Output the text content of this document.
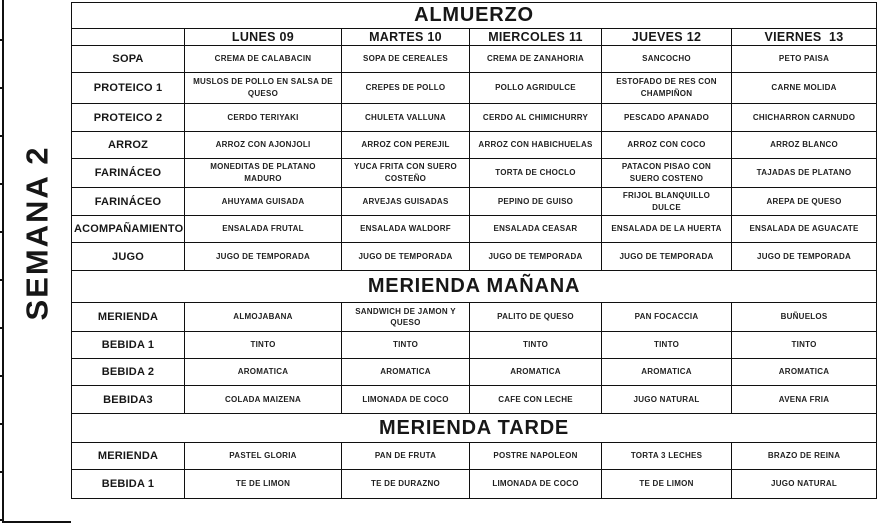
SEMANA 2
ALMUERZO					
	LUNES 09	MARTES 10	MIERCOLES 11	JUEVES 12	VIERNES  13
SOPA	CREMA DE CALABACIN	SOPA DE CEREALES	CREMA DE ZANAHORIA	SANCOCHO	PETO PAISA
PROTEICO 1	MUSLOS DE POLLO EN SALSA DE QUESO	CREPES DE POLLO	POLLO AGRIDULCE	ESTOFADO DE RES CON CHAMPIÑON	CARNE MOLIDA
PROTEICO 2	CERDO TERIYAKI	CHULETA VALLUNA	CERDO AL CHIMICHURRY	PESCADO APANADO	CHICHARRON CARNUDO
ARROZ	ARROZ CON AJONJOLI	ARROZ CON PEREJIL	ARROZ CON HABICHUELAS	ARROZ CON COCO	ARROZ BLANCO
FARINÁCEO	MONEDITAS DE PLATANO MADURO	YUCA FRITA CON SUERO COSTEÑO	TORTA DE CHOCLO	PATACON PISAO CON SUERO COSTENO	TAJADAS DE PLATANO
FARINÁCEO	AHUYAMA GUISADA	ARVEJAS GUISADAS	PEPINO DE GUISO	FRIJOL BLANQUILLO DULCE	AREPA DE QUESO
ACOMPAÑAMIENTO	ENSALADA FRUTAL	ENSALADA WALDORF	ENSALADA CEASAR	ENSALADA DE LA HUERTA	ENSALADA DE AGUACATE
JUGO	JUGO DE TEMPORADA	JUGO DE TEMPORADA	JUGO DE TEMPORADA	JUGO DE TEMPORADA	JUGO DE TEMPORADA
MERIENDA MAÑANA					
MERIENDA	ALMOJABANA	SANDWICH DE JAMON Y QUESO	PALITO DE QUESO	PAN FOCACCIA	BUÑUELOS
BEBIDA 1	TINTO	TINTO	TINTO	TINTO	TINTO
BEBIDA 2	AROMATICA	AROMATICA	AROMATICA	AROMATICA	AROMATICA
BEBIDA3	COLADA MAIZENA	LIMONADA DE COCO	CAFE CON LECHE	JUGO NATURAL	AVENA FRIA
MERIENDA TARDE					
MERIENDA	PASTEL GLORIA	PAN DE FRUTA	POSTRE NAPOLEON	TORTA 3 LECHES	BRAZO DE REINA
BEBIDA 1	TE DE LIMON	TE DE DURAZNO	LIMONADA DE COCO	TE DE LIMON	JUGO NATURAL
